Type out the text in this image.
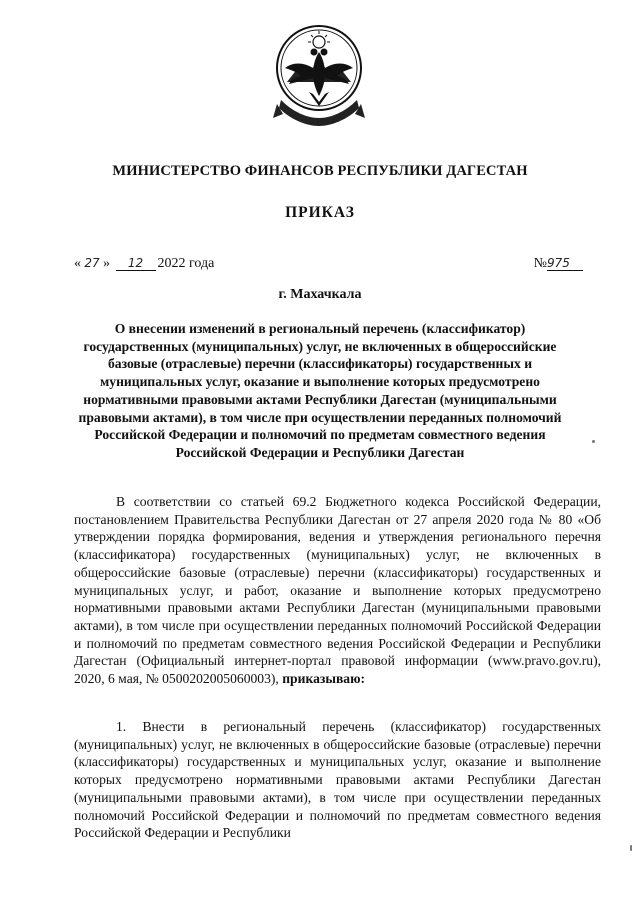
МИНИСТЕРСТВО ФИНАНСОВ РЕСПУБЛИКИ ДАГЕСТАН
ПРИКАЗ
« 27 » 12 2022 года	№975
г. Махачкала
О внесении изменений в региональный перечень (классификатор) государственных (муниципальных) услуг, не включенных в общероссийские базовые (отраслевые) перечни (классификаторы) государственных и муниципальных услуг, оказание и выполнение которых предусмотрено нормативными правовыми актами Республики Дагестан (муниципальными правовыми актами), в том числе при осуществлении переданных полномочий Российской Федерации и полномочий по предметам совместного ведения Российской Федерации и Республики Дагестан
В соответствии со статьей 69.2 Бюджетного кодекса Российской Федерации, постановлением Правительства Республики Дагестан от 27 апреля 2020 года № 80 «Об утверждении порядка формирования, ведения и утверждения регионального перечня (классификатора) государственных (муниципальных) услуг, не включенных в общероссийские базовые (отраслевые) перечни (классификаторы) государственных и муниципальных услуг, и работ, оказание и выполнение которых предусмотрено нормативными правовыми актами Республики Дагестан (муниципальными правовыми актами), в том числе при осуществлении переданных полномочий Российской Федерации и полномочий по предметам совместного ведения Российской Федерации и Республики Дагестан (Официальный интернет-портал правовой информации (www.pravo.gov.ru), 2020, 6 мая, № 0500202005060003), приказываю:
1. Внести в региональный перечень (классификатор) государственных (муниципальных) услуг, не включенных в общероссийские базовые (отраслевые) перечни (классификаторы) государственных и муниципальных услуг, оказание и выполнение которых предусмотрено нормативными правовыми актами Республики Дагестан (муниципальными правовыми актами), в том числе при осуществлении переданных полномочий Российской Федерации и полномочий по предметам совместного ведения Российской Федерации и Республики
